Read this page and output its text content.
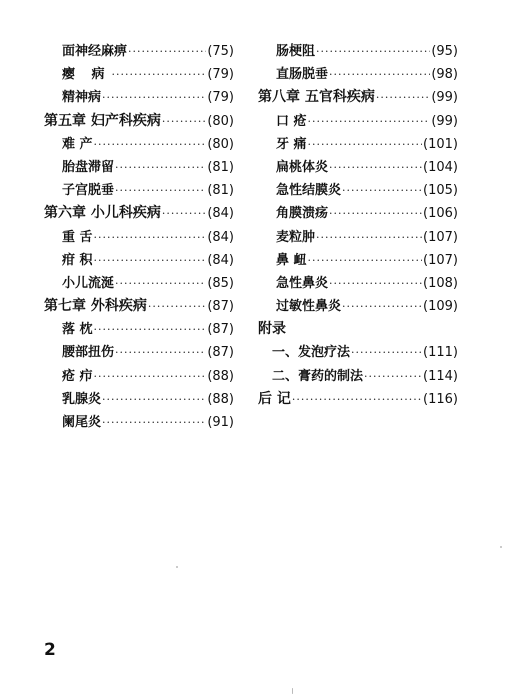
面神经麻痹 ·····	(75)
瘿 病 ·····	(79)
精神病 ·····	(79)
第五章 妇产科疾病 ·····	(80)
难 产 ·····	(80)
胎盘滞留 ·····	(81)
子宫脱垂 ·····	(81)
第六章 小儿科疾病 ·····	(84)
重 舌 ·····	(84)
疳 积 ·····	(84)
小儿流涎 ·····	(85)
第七章 外科疾病 ·····	(87)
落 枕 ·····	(87)
腰部扭伤 ·····	(87)
疮 疖 ·····	(88)
乳腺炎 ·····	(88)
阑尾炎 ·····	(91)
肠梗阻 ·····	(95)
直肠脱垂 ·····	(98)
第八章 五官科疾病 ·····	(99)
口 疮 ·····	(99)
牙 痛 ·····	(101)
扁桃体炎 ·····	(104)
急性结膜炎 ·····	(105)
角膜溃疡 ·····	(106)
麦粒肿 ·····	(107)
鼻 衄 ·····	(107)
急性鼻炎 ·····	(108)
过敏性鼻炎 ·····	(109)
附录
一、发泡疗法 ·····	(111)
二、膏药的制法 ·····	(114)
后 记 ·····	(116)
2
